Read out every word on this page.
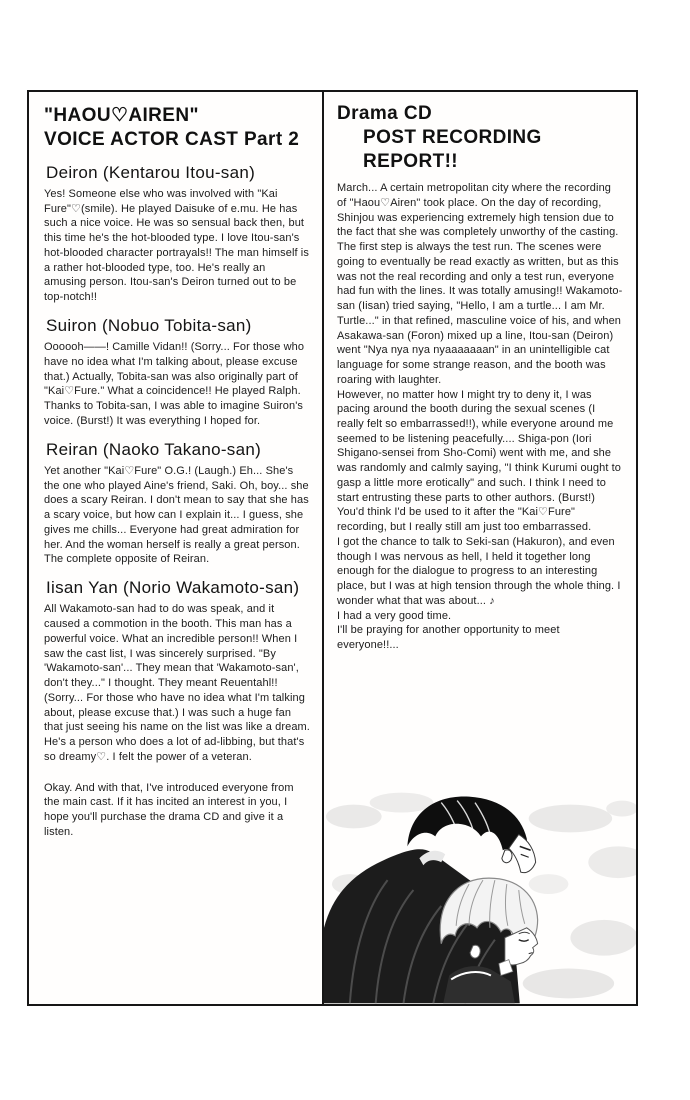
"HAOU♡AIREN"
VOICE ACTOR CAST Part 2
Deiron (Kentarou Itou-san)

Yes! Someone else who was involved with "Kai Fure"♡(smile). He played Daisuke of e.mu. He has such a nice voice. He was so sensual back then, but this time he's the hot-blooded type. I love Itou-san's hot-blooded character portrayals!! The man himself is a rather hot-blooded type, too. He's really an amusing person. Itou-san's Deiron turned out to be top-notch!!

Suiron (Nobuo Tobita-san)

Oooooh——! Camille Vidan!! (Sorry... For those who have no idea what I'm talking about, please excuse that.) Actually, Tobita-san was also originally part of "Kai♡Fure." What a coincidence!! He played Ralph. Thanks to Tobita-san, I was able to imagine Suiron's voice. (Burst!) It was everything I hoped for.

Reiran (Naoko Takano-san)

Yet another "Kai♡Fure" O.G.! (Laugh.) Eh... She's the one who played Aine's friend, Saki. Oh, boy... she does a scary Reiran. I don't mean to say that she has a scary voice, but how can I explain it... I guess, she gives me chills... Everyone had great admiration for her. And the woman herself is really a great person. The complete opposite of Reiran.

Iisan Yan (Norio Wakamoto-san)

All Wakamoto-san had to do was speak, and it caused a commotion in the booth. This man has a powerful voice. What an incredible person!! When I saw the cast list, I was sincerely surprised. "By 'Wakamoto-san'... They mean that 'Wakamoto-san', don't they..." I thought. They meant Reuentahl!! (Sorry... For those who have no idea what I'm talking about, please excuse that.) I was such a huge fan that just seeing his name on the list was like a dream. He's a person who does a lot of ad-libbing, but that's so dreamy♡. I felt the power of a veteran.

Okay. And with that, I've introduced everyone from the main cast. If it has incited an interest in you, I hope you'll purchase the drama CD and give it a listen.

Drama CD
POST RECORDING REPORT!!

March... A certain metropolitan city where the recording of "Haou♡Airen" took place. On the day of recording, Shinjou was experiencing extremely high tension due to the fact that she was completely unworthy of the casting. The first step is always the test run. The scenes were going to eventually be read exactly as written, but as this was not the real recording and only a test run, everyone had fun with the lines. It was totally amusing!! Wakamoto-san (Iisan) tried saying, "Hello, I am a turtle... I am Mr. Turtle..." in that refined, masculine voice of his, and when Asakawa-san (Foron) mixed up a line, Itou-san (Deiron) went "Nya nya nya nyaaaaaaan" in an unintelligible cat language for some strange reason, and the booth was roaring with laughter.

However, no matter how I might try to deny it, I was pacing around the booth during the sexual scenes (I really felt so embarrassed!!), while everyone around me seemed to be listening peacefully.... Shiga-pon (Iori Shigano-sensei from Sho-Comi) went with me, and she was randomly and calmly saying, "I think Kurumi ought to gasp a little more erotically" and such. I think I need to start entrusting these parts to other authors. (Burst!) You'd think I'd be used to it after the "Kai♡Fure" recording, but I really still am just too embarrassed.

I got the chance to talk to Seki-san (Hakuron), and even though I was nervous as hell, I held it together long enough for the dialogue to progress to an interesting place, but I was at high tension through the whole thing. I wonder what that was about... ♪

I had a very good time.

I'll be praying for another opportunity to meet everyone!!...
